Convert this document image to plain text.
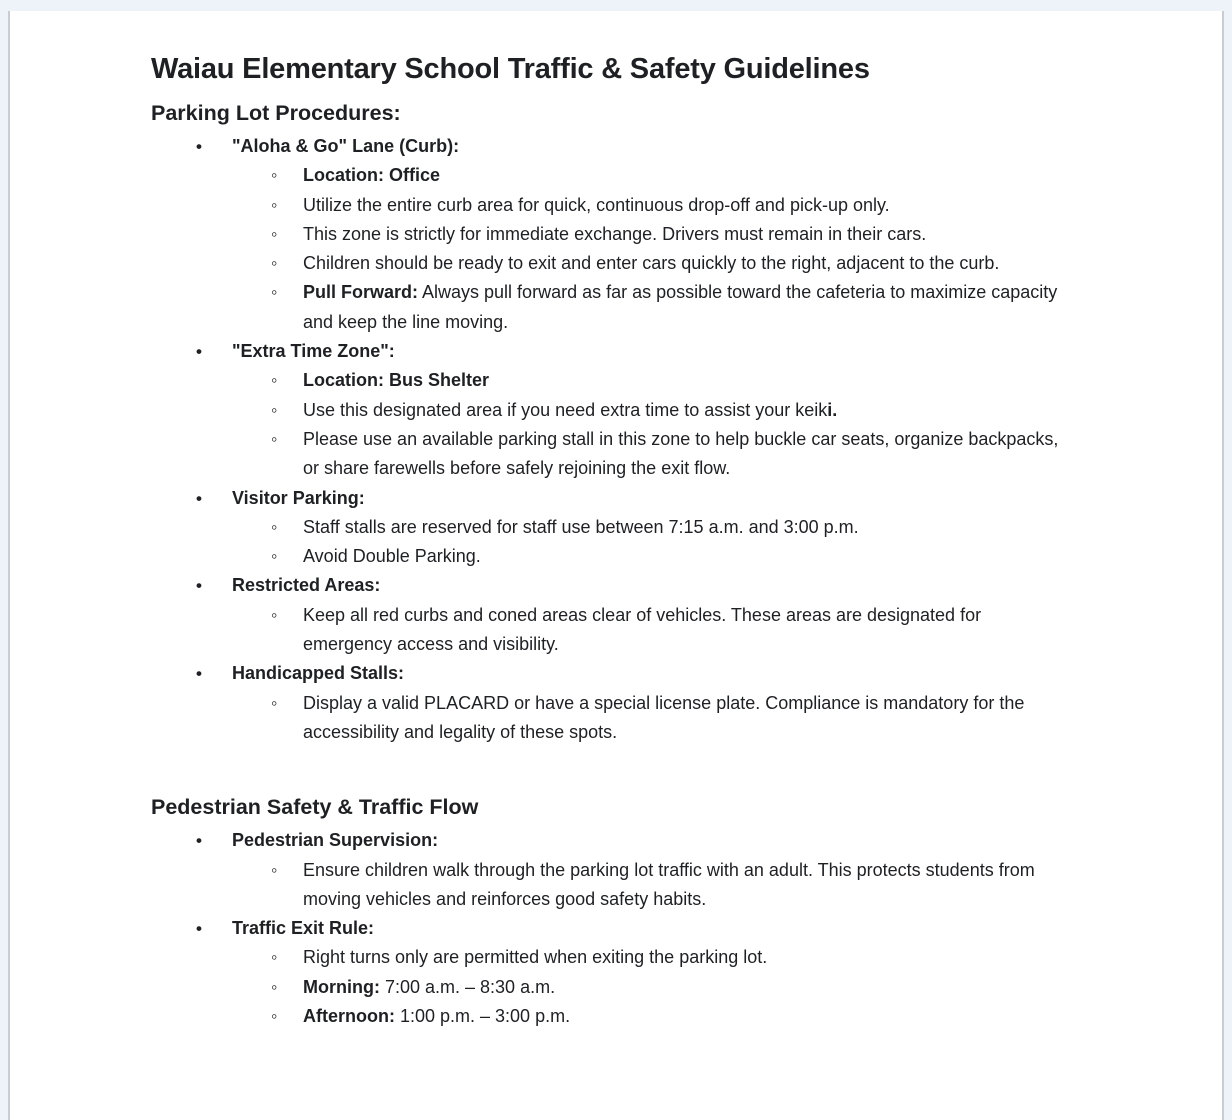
Waiau Elementary School Traffic & Safety Guidelines
Parking Lot Procedures:
• "Aloha & Go" Lane (Curb):
◦ Location: Office
◦ Utilize the entire curb area for quick, continuous drop-off and pick-up only.
◦ This zone is strictly for immediate exchange. Drivers must remain in their cars.
◦ Children should be ready to exit and enter cars quickly to the right, adjacent to the curb.
◦ Pull Forward: Always pull forward as far as possible toward the cafeteria to maximize capacity and keep the line moving.
• "Extra Time Zone":
◦ Location: Bus Shelter
◦ Use this designated area if you need extra time to assist your keiki.
◦ Please use an available parking stall in this zone to help buckle car seats, organize backpacks, or share farewells before safely rejoining the exit flow.
• Visitor Parking:
◦ Staff stalls are reserved for staff use between 7:15 a.m. and 3:00 p.m.
◦ Avoid Double Parking.
• Restricted Areas:
◦ Keep all red curbs and coned areas clear of vehicles. These areas are designated for emergency access and visibility.
• Handicapped Stalls:
◦ Display a valid PLACARD or have a special license plate. Compliance is mandatory for the accessibility and legality of these spots.
Pedestrian Safety & Traffic Flow
• Pedestrian Supervision:
◦ Ensure children walk through the parking lot traffic with an adult. This protects students from moving vehicles and reinforces good safety habits.
• Traffic Exit Rule:
◦ Right turns only are permitted when exiting the parking lot.
◦ Morning: 7:00 a.m. – 8:30 a.m.
◦ Afternoon: 1:00 p.m. – 3:00 p.m.
